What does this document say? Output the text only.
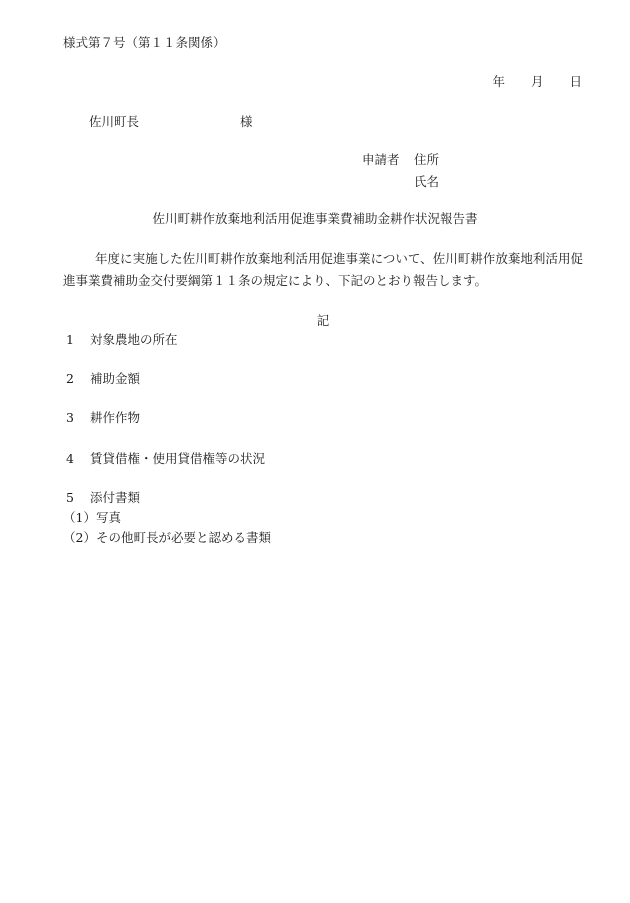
様式第７号（第１１条関係）
年 月 日
佐川町長	様
申請者 住所
氏名
佐川町耕作放棄地利活用促進事業費補助金耕作状況報告書
年度に実施した佐川町耕作放棄地利活用促進事業について、佐川町耕作放棄地利活用促進事業費補助金交付要綱第１１条の規定により、下記のとおり報告します。
記
1 対象農地の所在
2 補助金額
3 耕作作物
4 賃貸借権・使用貸借権等の状況
5 添付書類
（1）写真
（2）その他町長が必要と認める書類
